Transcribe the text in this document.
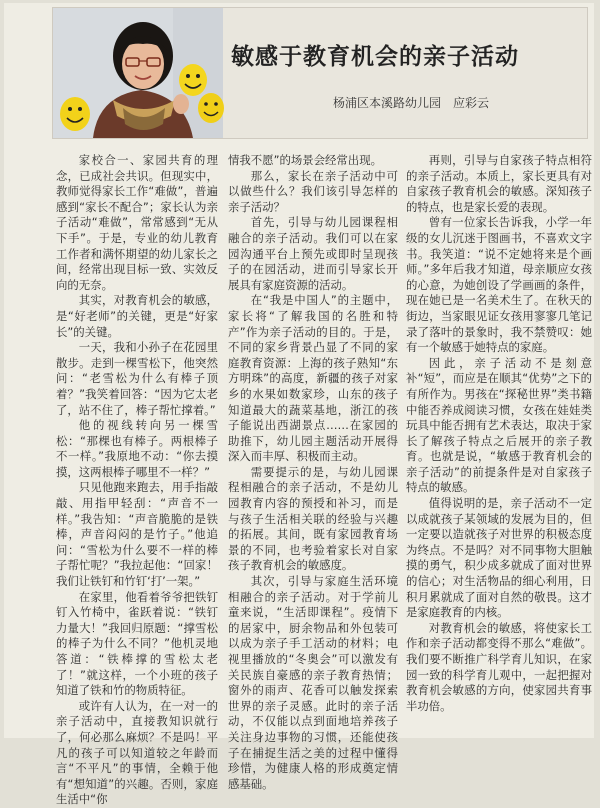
敏感于教育机会的亲子活动
杨浦区本溪路幼儿园　应彩云

家校合一、家园共育的理念，已成社会共识。但现实中，教师觉得家长工作“难做”，普遍感到“家长不配合”；家长认为亲子活动“难做”，常常感到“无从下手”。于是，专业的幼儿教育工作者和满怀期望的幼儿家长之间，经常出现目标一致、实效反向的无奈。

其实，对教育机会的敏感，是“好老师”的关键，更是“好家长”的关键。

一天，我和小孙子在花园里散步。走到一棵雪松下，他突然问：“老雪松为什么有棒子顶着？”我笑着回答：“因为它太老了，站不住了，棒子帮忙撑着。”

他的视线转向另一棵雪松：“那棵也有棒子。两根棒子不一样。”我原地不动：“你去摸摸，这两根棒子哪里不一样？”

只见他跑来跑去，用手指敲敲、用指甲轻刮：“声音不一样。”我告知：“声音脆脆的是铁棒，声音闷闷的是竹子。”他追问：“雪松为什么要不一样的棒子帮忙呢？”我拉起他：“回家！我们让铁钉和竹钉‘打’一架。”

在家里，他看着爷爷把铁钉钉入竹椅中，雀跃着说：“铁钉力量大！”我回归原题：“撑雪松的棒子为什么不同？”他机灵地答道：“铁棒撑的雪松太老了！”就这样，一个小班的孩子知道了铁和竹的物质特征。

或许有人认为，在一对一的亲子活动中，直接教知识就行了，何必那么麻烦？不是吗！平凡的孩子可以知道较之年龄而言“不平凡”的事情，全赖于他有“想知道”的兴趣。否则，家庭生活中“你

情我不愿”的场景会经常出现。

那么，家长在亲子活动中可以做些什么？我们该引导怎样的亲子活动？

首先，引导与幼儿园课程相融合的亲子活动。我们可以在家园沟通平台上预先或即时呈现孩子的在园活动，进而引导家长开展具有家庭资源的活动。

在“我是中国人”的主题中，家长将“了解我国的名胜和特产”作为亲子活动的目的。于是，不同的家乡背景凸显了不同的家庭教育资源：上海的孩子熟知“东方明珠”的高度，新疆的孩子对家乡的水果如数家珍，山东的孩子知道最大的蔬菜基地，浙江的孩子能说出西湖景点……在家园的助推下，幼儿园主题活动开展得深入而丰厚、积极而主动。

需要提示的是，与幼儿园课程相融合的亲子活动，不是幼儿园教育内容的预授和补习，而是与孩子生活相关联的经验与兴趣的拓展。其间，既有家园教育场景的不同，也考验着家长对自家孩子教育机会的敏感度。

其次，引导与家庭生活环境相融合的亲子活动。对于学前儿童来说，“生活即课程”。疫情下的居家中，厨余物品和外包装可以成为亲子手工活动的材料；电视里播放的“冬奥会”可以激发有关民族自豪感的亲子教育热情；窗外的雨声、花香可以触发探索世界的亲子灵感。此时的亲子活动，不仅能以点到面地培养孩子关注身边事物的习惯，还能使孩子在捕捉生活之美的过程中懂得珍惜，为健康人格的形成奠定情感基础。

再则，引导与自家孩子特点相符的亲子活动。本质上，家长更具有对自家孩子教育机会的敏感。深知孩子的特点，也是家长爱的表现。

曾有一位家长告诉我，小学一年级的女儿沉迷于图画书，不喜欢文字书。我笑道：“说不定她将来是个画师。”多年后我才知道，母亲顺应女孩的心意，为她创设了学画画的条件，现在她已是一名美术生了。在秋天的街边，当家眼见证女孩用寥寥几笔记录了落叶的景象时，我不禁赞叹：她有一个敏感于她特点的家庭。

因此，亲子活动不是刻意补“短”，而应是在顺其“优势”之下的有所作为。男孩在“探秘世界”类书籍中能否养成阅读习惯，女孩在娃娃类玩具中能否拥有艺术表达，取决于家长了解孩子特点之后展开的亲子教育。也就是说，“敏感于教育机会的亲子活动”的前提条件是对自家孩子特点的敏感。

值得说明的是，亲子活动不一定以成就孩子某领域的发展为目的，但一定要以造就孩子对世界的积极态度为终点。不是吗？对不同事物大胆触摸的勇气，积少成多就成了面对世界的信心；对生活物品的细心利用，日积月累就成了面对自然的敬畏。这才是家庭教育的内核。

对教育机会的敏感，将使家长工作和亲子活动都变得不那么“难做”。我们要不断推广科学育儿知识，在家园一致的科学育儿观中，一起把握对教育机会敏感的方向，使家园共育事半功倍。
